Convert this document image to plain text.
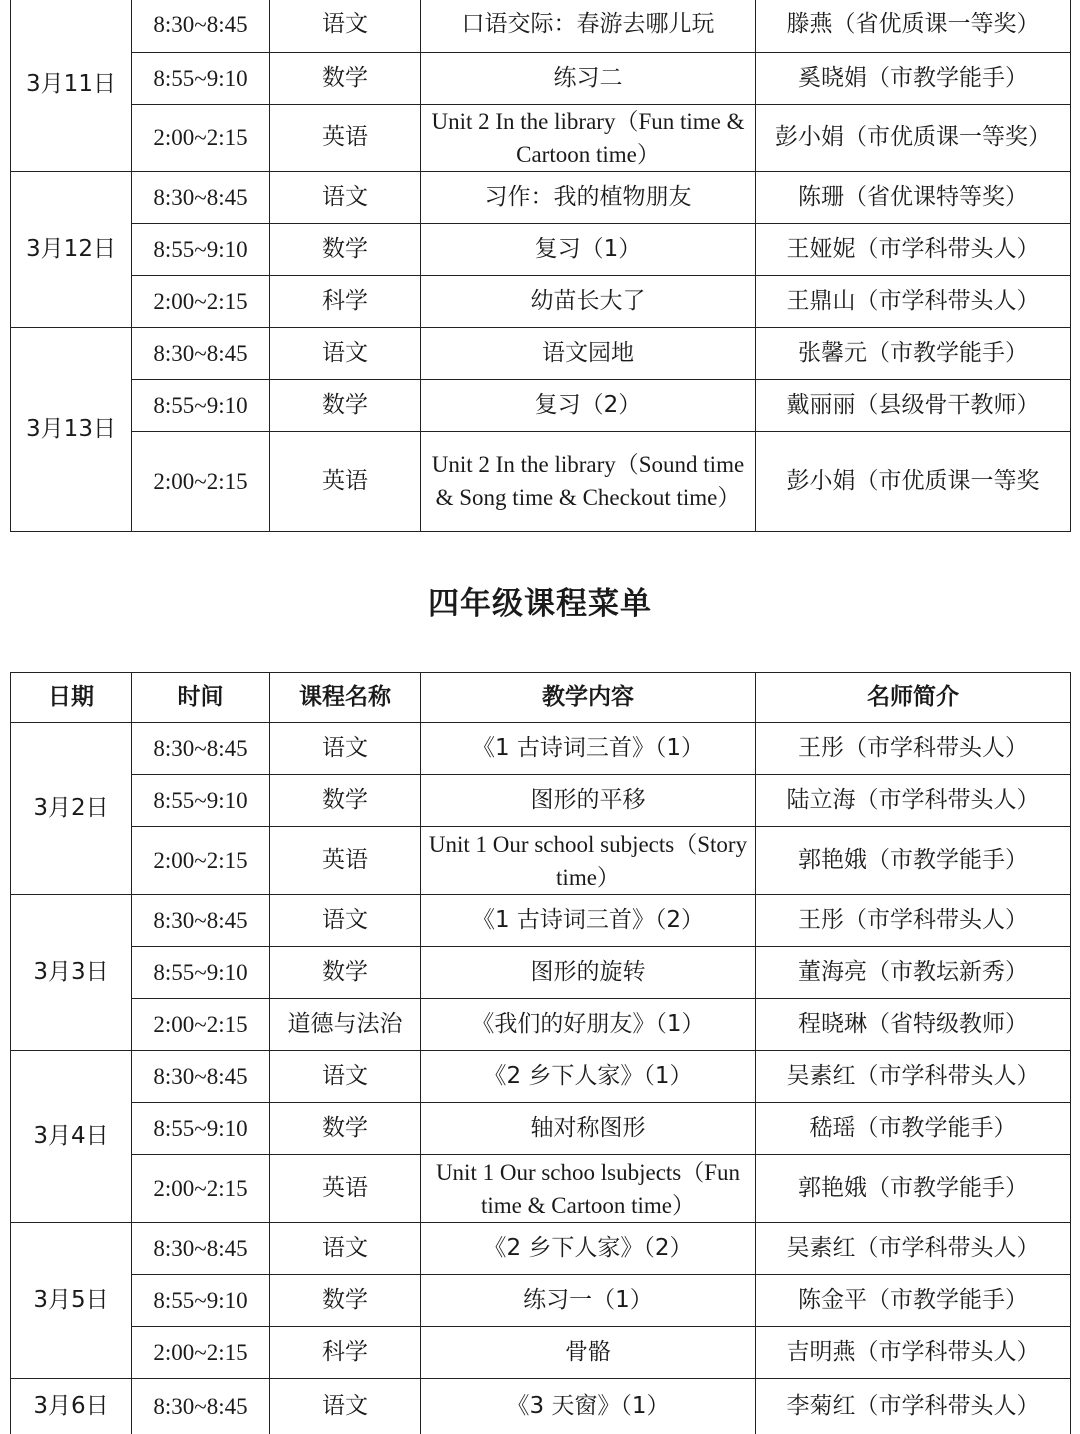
3月11日	8:30~8:45	语文	口语交际：春游去哪儿玩	滕燕（省优质课一等奖）
	8:55~9:10	数学	练习二	奚晓娟（市教学能手）
	2:00~2:15	英语	Unit 2 In the library（Fun time & Cartoon time）	彭小娟（市优质课一等奖）
3月12日	8:30~8:45	语文	习作：我的植物朋友	陈珊（省优课特等奖）
	8:55~9:10	数学	复习（1）	王娅妮（市学科带头人）
	2:00~2:15	科学	幼苗长大了	王鼎山（市学科带头人）
3月13日	8:30~8:45	语文	语文园地	张馨元（市教学能手）
	8:55~9:10	数学	复习（2）	戴丽丽（县级骨干教师）
	2:00~2:15	英语	Unit 2 In the library（Sound time & Song time & Checkout time）	彭小娟（市优质课一等奖
四年级课程菜单
日期	时间	课程名称	教学内容	名师简介
3月2日	8:30~8:45	语文	《1 古诗词三首》（1）	王彤（市学科带头人）
	8:55~9:10	数学	图形的平移	陆立海（市学科带头人）
	2:00~2:15	英语	Unit 1 Our school subjects（Story time）	郭艳娥（市教学能手）
3月3日	8:30~8:45	语文	《1 古诗词三首》（2）	王彤（市学科带头人）
	8:55~9:10	数学	图形的旋转	董海亮（市教坛新秀）
	2:00~2:15	道德与法治	《我们的好朋友》（1）	程晓琳（省特级教师）
3月4日	8:30~8:45	语文	《2 乡下人家》（1）	吴素红（市学科带头人）
	8:55~9:10	数学	轴对称图形	嵇瑶（市教学能手）
	2:00~2:15	英语	Unit 1 Our schoo lsubjects（Fun time & Cartoon time）	郭艳娥（市教学能手）
3月5日	8:30~8:45	语文	《2 乡下人家》（2）	吴素红（市学科带头人）
	8:55~9:10	数学	练习一（1）	陈金平（市教学能手）
	2:00~2:15	科学	骨骼	吉明燕（市学科带头人）
3月6日	8:30~8:45	语文	《3 天窗》（1）	李菊红（市学科带头人）
